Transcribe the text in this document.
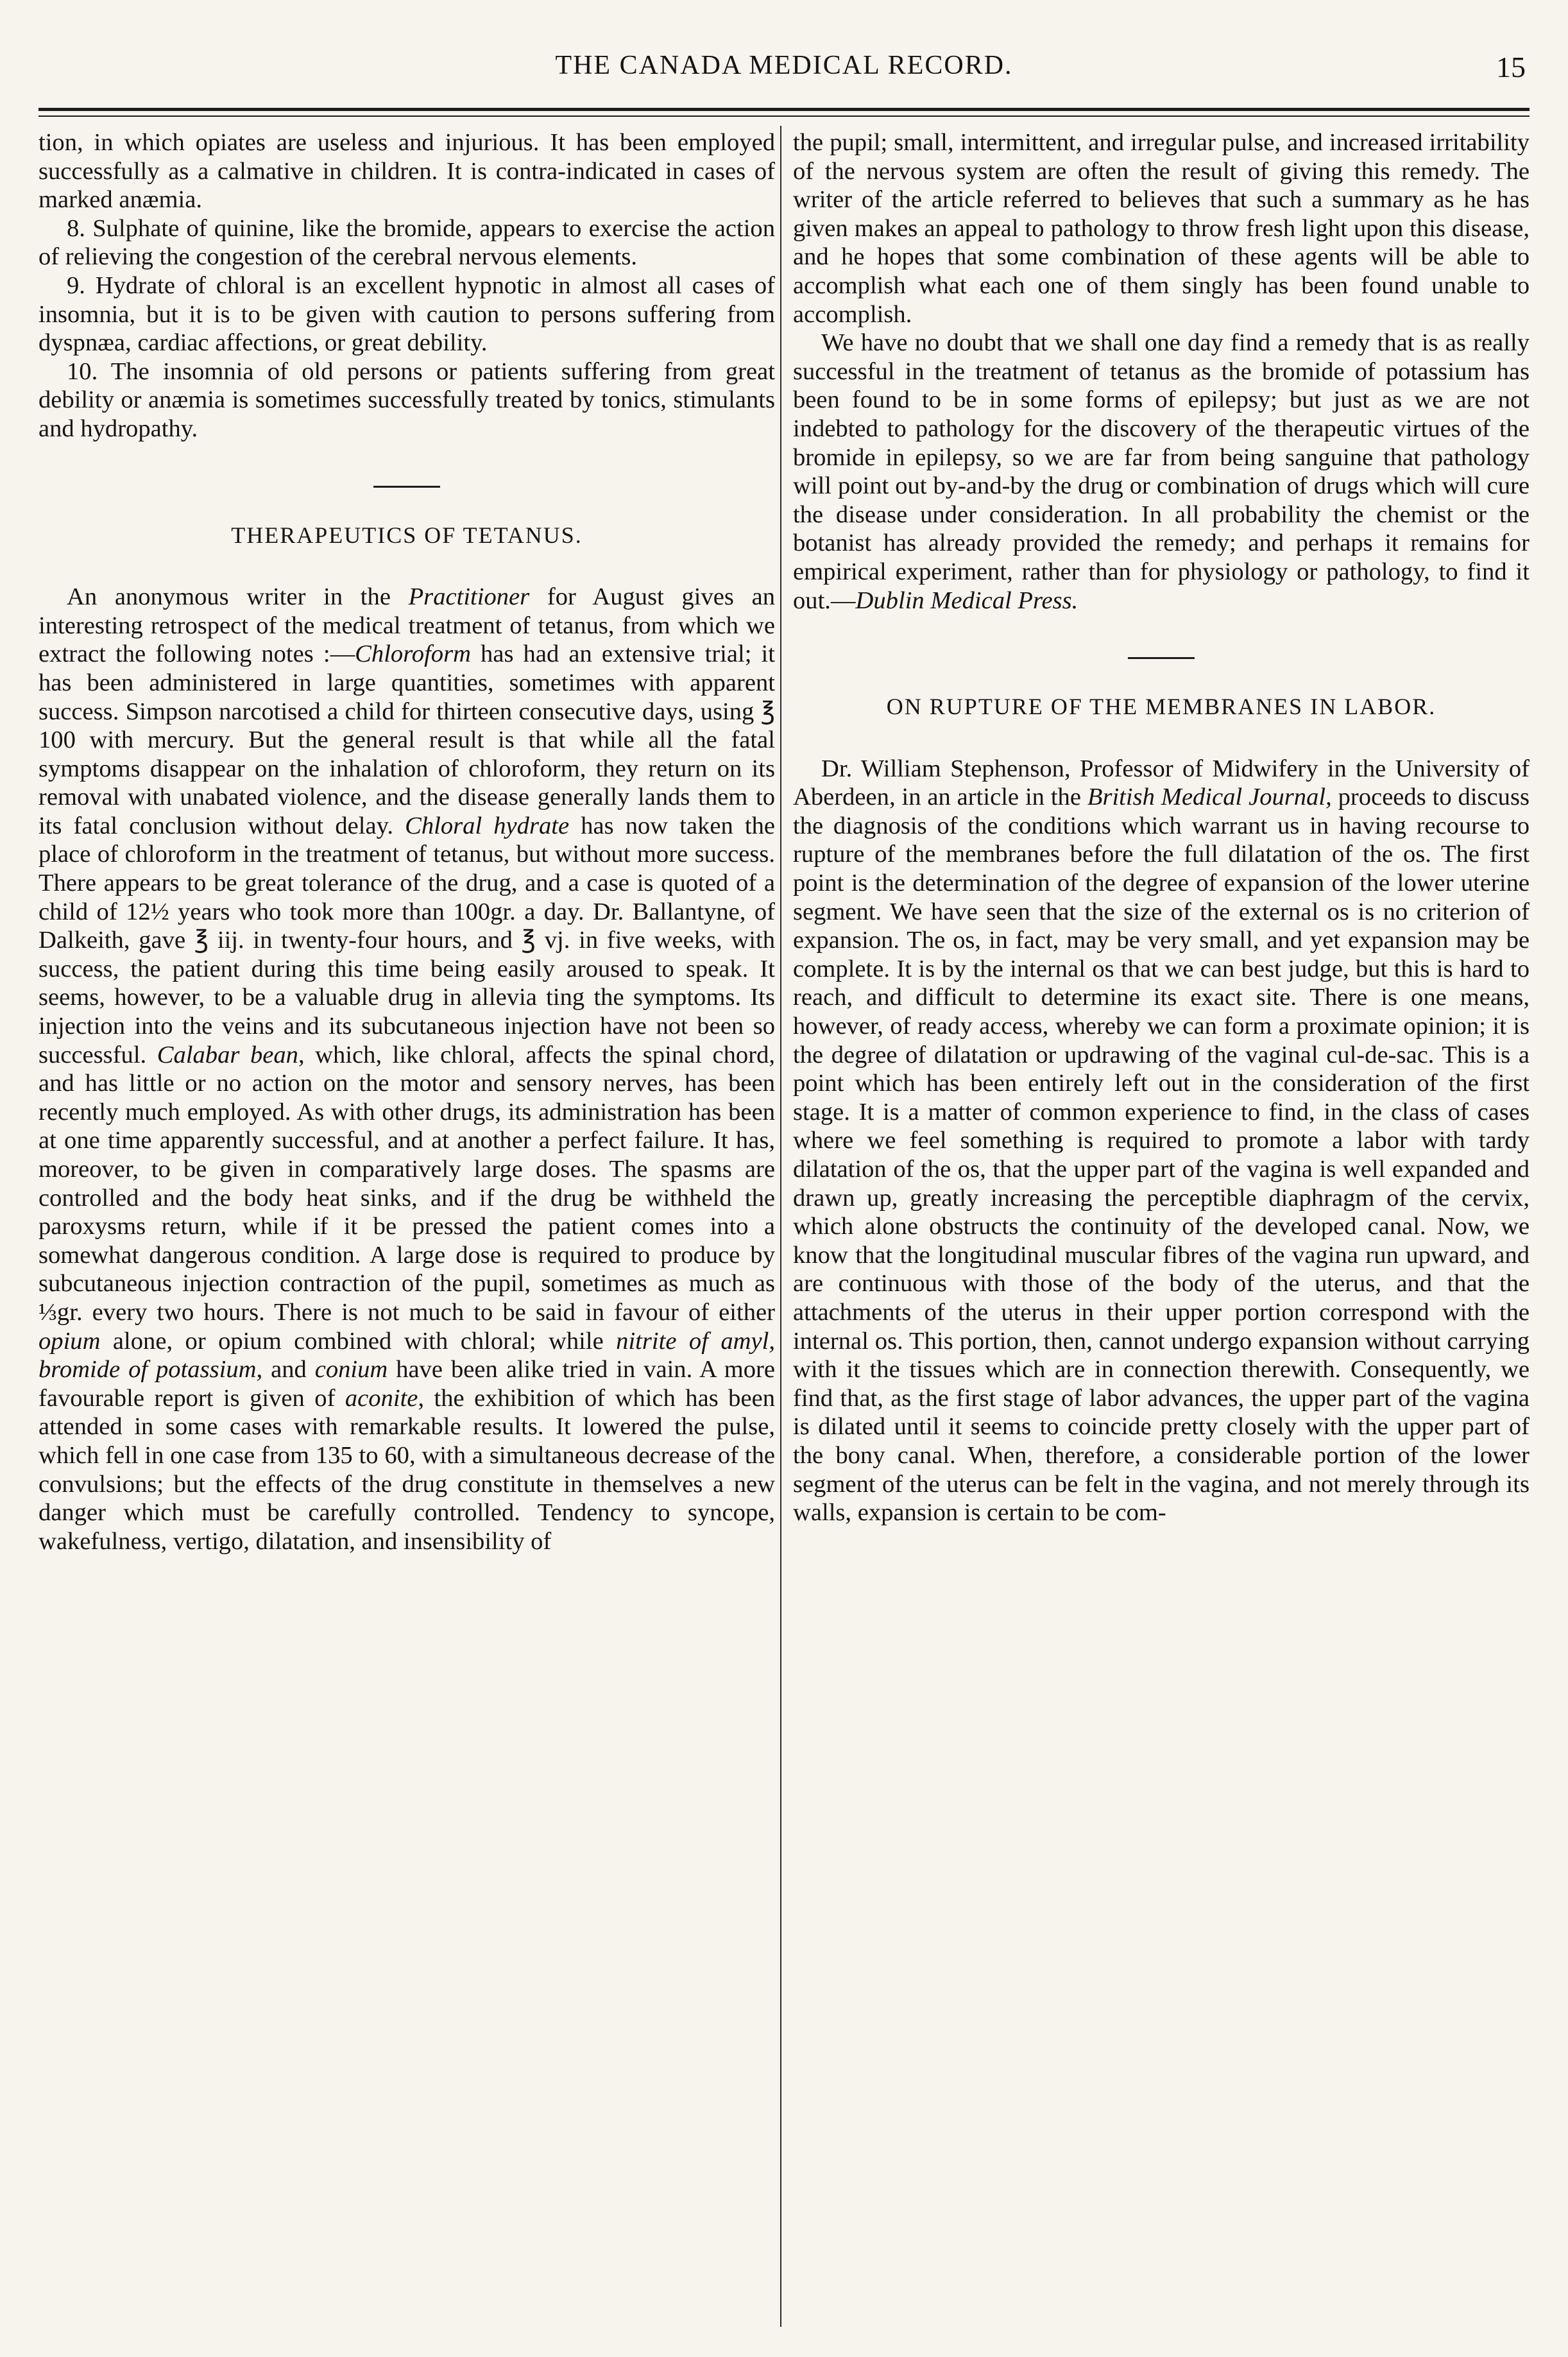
THE CANADA MEDICAL RECORD.	15

tion, in which opiates are useless and injurious. It has been employed successfully as a calmative in children. It is contra-indicated in cases of marked anæmia.

8. Sulphate of quinine, like the bromide, appears to exercise the action of relieving the congestion of the cerebral nervous elements.

9. Hydrate of chloral is an excellent hypnotic in almost all cases of insomnia, but it is to be given with caution to persons suffering from dyspnæa, cardiac affections, or great debility.

10. The insomnia of old persons or patients suffering from great debility or anæmia is sometimes successfully treated by tonics, stimulants and hydropathy.

THERAPEUTICS OF TETANUS.

An anonymous writer in the Practitioner for August gives an interesting retrospect of the medical treatment of tetanus, from which we extract the following notes :—Chloroform has had an extensive trial; it has been administered in large quantities, sometimes with apparent success. Simpson narcotised a child for thirteen consecutive days, using ℥ 100 with mercury. But the general result is that while all the fatal symptoms disappear on the inhalation of chloroform, they return on its removal with unabated violence, and the disease generally lands them to its fatal conclusion without delay. Chloral hydrate has now taken the place of chloroform in the treatment of tetanus, but without more success. There appears to be great tolerance of the drug, and a case is quoted of a child of 12½ years who took more than 100gr. a day. Dr. Ballantyne, of Dalkeith, gave ℥ iij. in twenty-four hours, and ℥ vj. in five weeks, with success, the patient during this time being easily aroused to speak. It seems, however, to be a valuable drug in allevia ting the symptoms. Its injection into the veins and its subcutaneous injection have not been so successful. Calabar bean, which, like chloral, affects the spinal chord, and has little or no action on the motor and sensory nerves, has been recently much employed. As with other drugs, its administration has been at one time apparently successful, and at another a perfect failure. It has, moreover, to be given in comparatively large doses. The spasms are controlled and the body heat sinks, and if the drug be withheld the paroxysms return, while if it be pressed the patient comes into a somewhat dangerous condition. A large dose is required to produce by subcutaneous injection contraction of the pupil, sometimes as much as ⅓gr. every two hours. There is not much to be said in favour of either opium alone, or opium combined with chloral; while nitrite of amyl, bromide of potassium, and conium have been alike tried in vain. A more favourable report is given of aconite, the exhibition of which has been attended in some cases with remarkable results. It lowered the pulse, which fell in one case from 135 to 60, with a simultaneous decrease of the convulsions; but the effects of the drug constitute in themselves a new danger which must be carefully controlled. Tendency to syncope, wakefulness, vertigo, dilatation, and insensibility of

the pupil; small, intermittent, and irregular pulse, and increased irritability of the nervous system are often the result of giving this remedy. The writer of the article referred to believes that such a summary as he has given makes an appeal to pathology to throw fresh light upon this disease, and he hopes that some combination of these agents will be able to accomplish what each one of them singly has been found unable to accomplish.

We have no doubt that we shall one day find a remedy that is as really successful in the treatment of tetanus as the bromide of potassium has been found to be in some forms of epilepsy; but just as we are not indebted to pathology for the discovery of the therapeutic virtues of the bromide in epilepsy, so we are far from being sanguine that pathology will point out by-and-by the drug or combination of drugs which will cure the disease under consideration. In all probability the chemist or the botanist has already provided the remedy; and perhaps it remains for empirical experiment, rather than for physiology or pathology, to find it out.—Dublin Medical Press.

ON RUPTURE OF THE MEMBRANES IN LABOR.

Dr. William Stephenson, Professor of Midwifery in the University of Aberdeen, in an article in the British Medical Journal, proceeds to discuss the diagnosis of the conditions which warrant us in having recourse to rupture of the membranes before the full dilatation of the os. The first point is the determination of the degree of expansion of the lower uterine segment. We have seen that the size of the external os is no criterion of expansion. The os, in fact, may be very small, and yet expansion may be complete. It is by the internal os that we can best judge, but this is hard to reach, and difficult to determine its exact site. There is one means, however, of ready access, whereby we can form a proximate opinion; it is the degree of dilatation or updrawing of the vaginal cul-de-sac. This is a point which has been entirely left out in the consideration of the first stage. It is a matter of common experience to find, in the class of cases where we feel something is required to promote a labor with tardy dilatation of the os, that the upper part of the vagina is well expanded and drawn up, greatly increasing the perceptible diaphragm of the cervix, which alone obstructs the continuity of the developed canal. Now, we know that the longitudinal muscular fibres of the vagina run upward, and are continuous with those of the body of the uterus, and that the attachments of the uterus in their upper portion correspond with the internal os. This portion, then, cannot undergo expansion without carrying with it the tissues which are in connection therewith. Consequently, we find that, as the first stage of labor advances, the upper part of the vagina is dilated until it seems to coincide pretty closely with the upper part of the bony canal. When, therefore, a considerable portion of the lower segment of the uterus can be felt in the vagina, and not merely through its walls, expansion is certain to be com-
